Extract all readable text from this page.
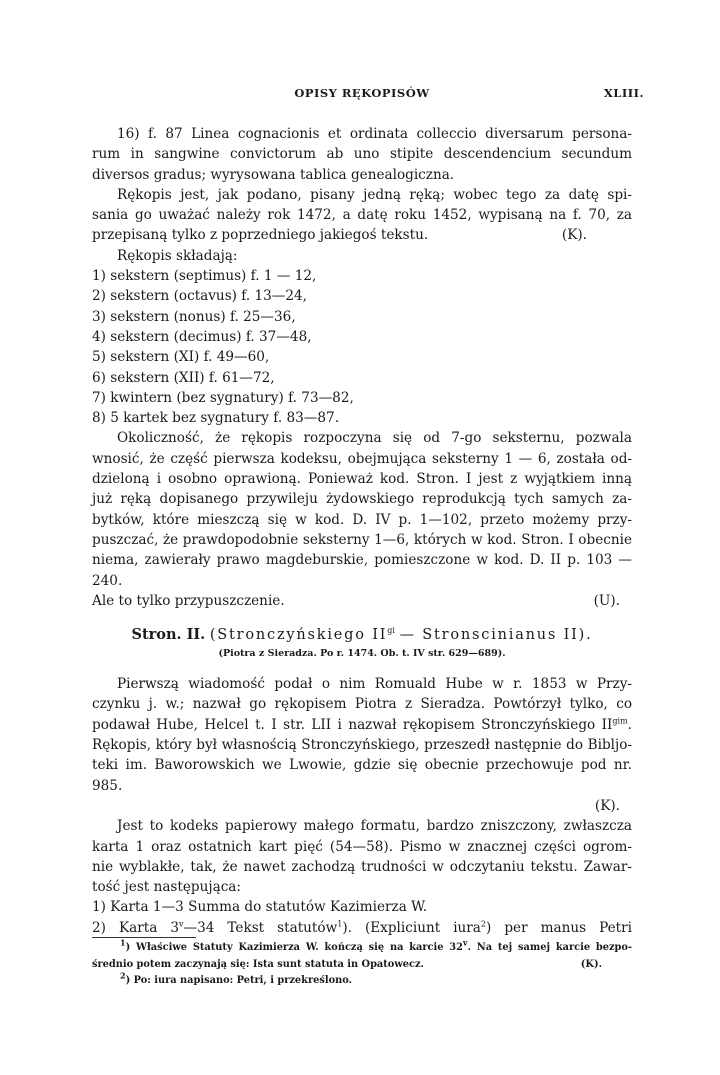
OPISY RĘKOPISÓW	XLIII.

16) f. 87 Linea cognacionis et ordinata colleccio diversarum persona-

rum in sangwine convictorum ab uno stipite descendencium secundum

diversos gradus; wyrysowana tablica genealogiczna.

Rękopis jest, jak podano, pisany jedną ręką; wobec tego za datę spi-

sania go uważać należy rok 1472, a datę roku 1452, wypisaną na f. 70, za

przepisaną tylko z poprzedniego jakiegoś tekstu.	(K).

Rękopis składają:

1) sekstern (septimus) f. 1 — 12,

2) sekstern (octavus) f. 13—24,

3) sekstern (nonus) f. 25—36,

4) sekstern (decimus) f. 37—48,

5) sekstern (XI) f. 49—60,

6) sekstern (XII) f. 61—72,

7) kwintern (bez sygnatury) f. 73—82,

8) 5 kartek bez sygnatury f. 83—87.

Okoliczność, że rękopis rozpoczyna się od 7-go seksternu, pozwala

wnosić, że część pierwsza kodeksu, obejmująca seksterny 1 — 6, została od-

dzieloną i osobno oprawioną. Ponieważ kod. Stron. I jest z wyjątkiem inną

już ręką dopisanego przywileju żydowskiego reprodukcją tych samych za-

bytków, które mieszczą się w kod. D. IV p. 1—102, przeto możemy przy-

puszczać, że prawdopodobnie seksterny 1—6, których w kod. Stron. I obecnie

niema, zawierały prawo magdeburskie, pomieszczone w kod. D. II p. 103 — 240.

Ale to tylko przypuszczenie.	(U).
Stron. II. (Stronczyńskiego $II^{gi}$ — Stronscinianus II).
(Piotra z Sieradza. Po r. 1474. Ob. t. IV str. 629—689).

Pierwszą wiadomość podał o nim Romuald Hube w r. 1853 w Przy-

czynku j. w.; nazwał go rękopisem Piotra z Sieradza. Powtórzył tylko, co

podawał Hube, Helcel t. I str. LII i nazwał rękopisem Stronczyńskiego $II^{gim}$.

Rękopis, który był własnością Stronczyńskiego, przeszedł następnie do Biblјo-

teki im. Baworowskich we Lwowie, gdzie się obecnie przechowuje pod nr. 985.

(K).

Jest to kodeks papierowy małego formatu, bardzo zniszczony, zwłaszcza

karta 1 oraz ostatnich kart pięć (54—58). Pismo w znacznej części ogrom-

nie wyblakłe, tak, że nawet zachodzą trudności w odczytaniu tekstu. Zawar-

tość jest następująca:

1) Karta 1—3 Summa do statutów Kazimierza W.

2) Karta 3$^v$—34 Tekst statutów$^1$). (Expliciunt iura$^2$) per manus Petri

$^1$) Właściwe Statuty Kazimierza W. kończą się na karcie 32$^v$. Na tej samej karcie bezpo-

średnio potem zaczynają się: Ista sunt statuta in Opatowecz.	(K).

$^2$) Po: iura napisano: Petri, i przekreślono.
